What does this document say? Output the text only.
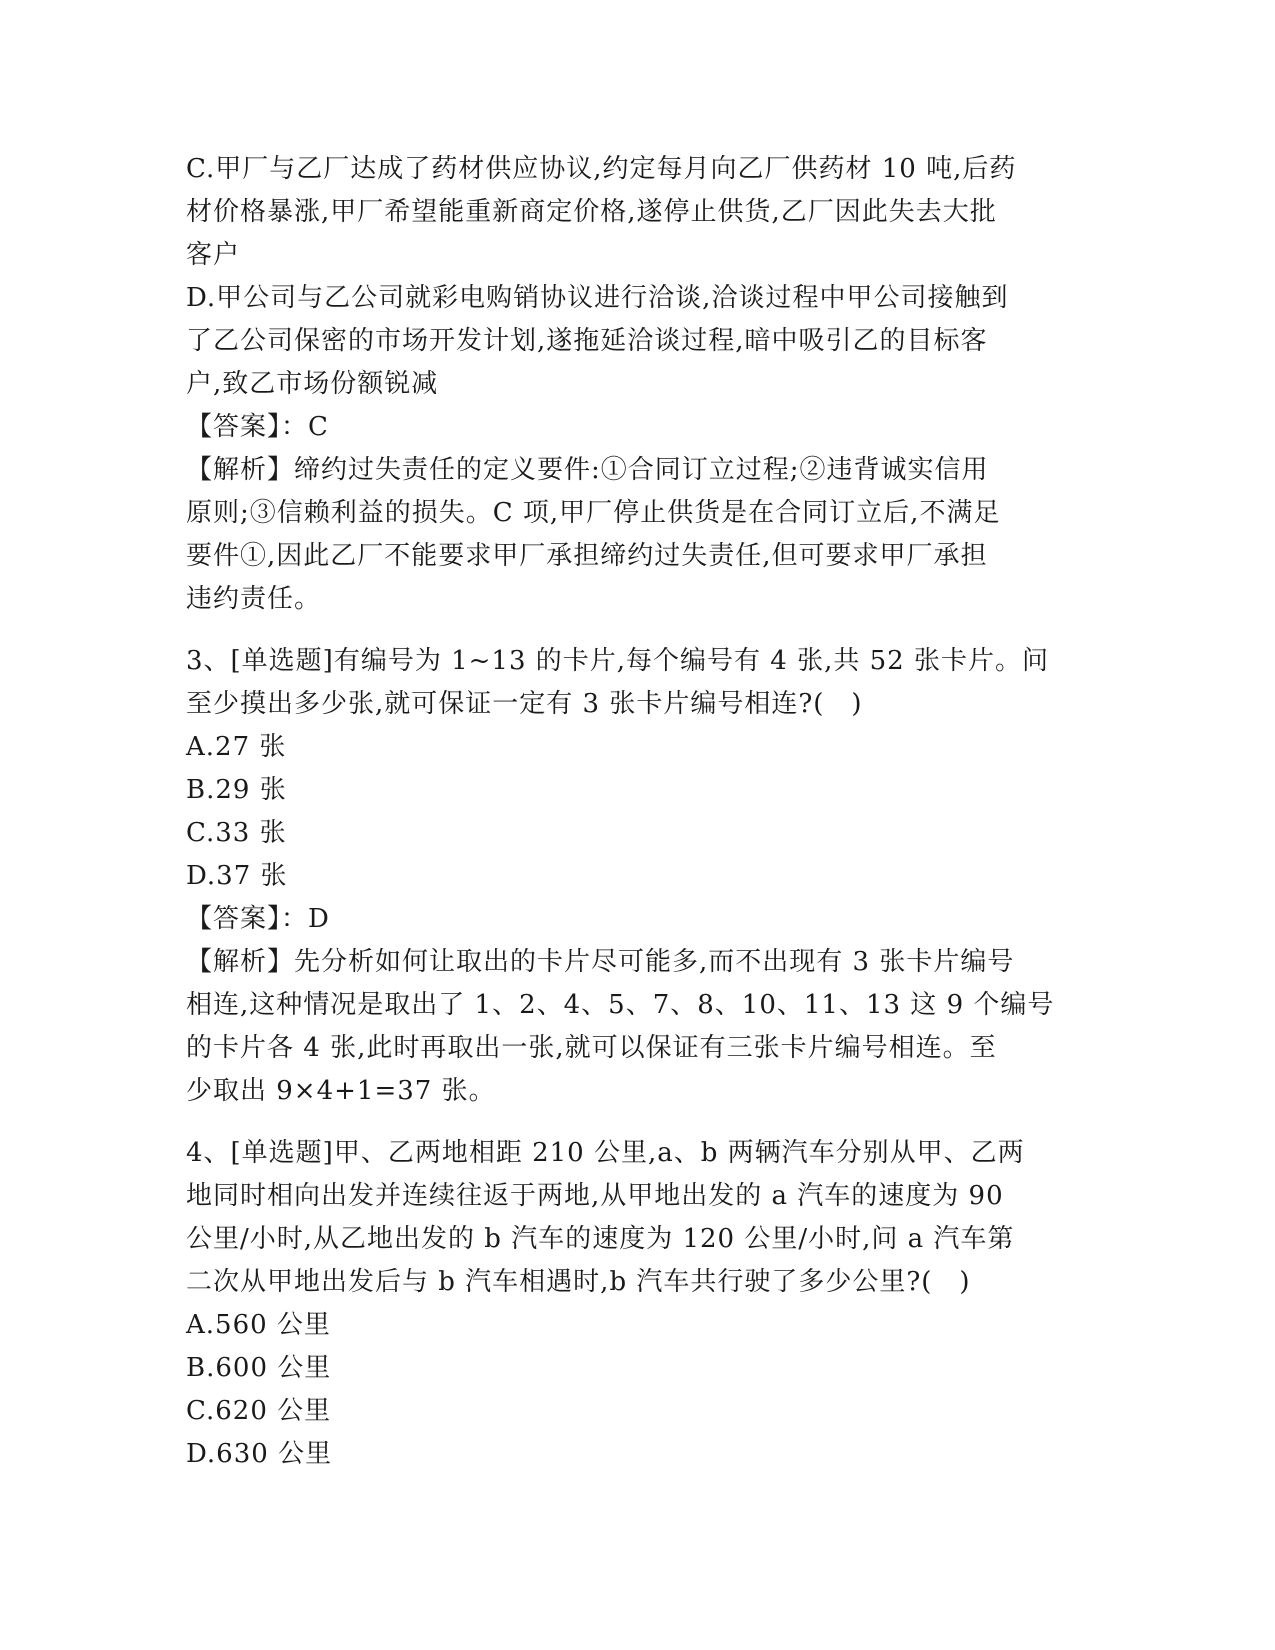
C.甲厂与乙厂达成了药材供应协议,约定每月向乙厂供药材 10 吨,后药
材价格暴涨,甲厂希望能重新商定价格,遂停止供货,乙厂因此失去大批
客户
D.甲公司与乙公司就彩电购销协议进行洽谈,洽谈过程中甲公司接触到
了乙公司保密的市场开发计划,遂拖延洽谈过程,暗中吸引乙的目标客
户,致乙市场份额锐减
【答案】：C
【解析】缔约过失责任的定义要件:①合同订立过程;②违背诚实信用
原则;③信赖利益的损失。C 项,甲厂停止供货是在合同订立后,不满足
要件①,因此乙厂不能要求甲厂承担缔约过失责任,但可要求甲厂承担
违约责任。
3、[单选题]有编号为 1~13 的卡片,每个编号有 4 张,共 52 张卡片。问
至少摸出多少张,就可保证一定有 3 张卡片编号相连?(　)
A.27 张
B.29 张
C.33 张
D.37 张
【答案】：D
【解析】先分析如何让取出的卡片尽可能多,而不出现有 3 张卡片编号
相连,这种情况是取出了 1、2、4、5、7、8、10、11、13 这 9 个编号
的卡片各 4 张,此时再取出一张,就可以保证有三张卡片编号相连。至
少取出 9×4+1=37 张。
4、[单选题]甲、乙两地相距 210 公里,a、b 两辆汽车分别从甲、乙两
地同时相向出发并连续往返于两地,从甲地出发的 a 汽车的速度为 90
公里/小时,从乙地出发的 b 汽车的速度为 120 公里/小时,问 a 汽车第
二次从甲地出发后与 b 汽车相遇时,b 汽车共行驶了多少公里?(　)
A.560 公里
B.600 公里
C.620 公里
D.630 公里
